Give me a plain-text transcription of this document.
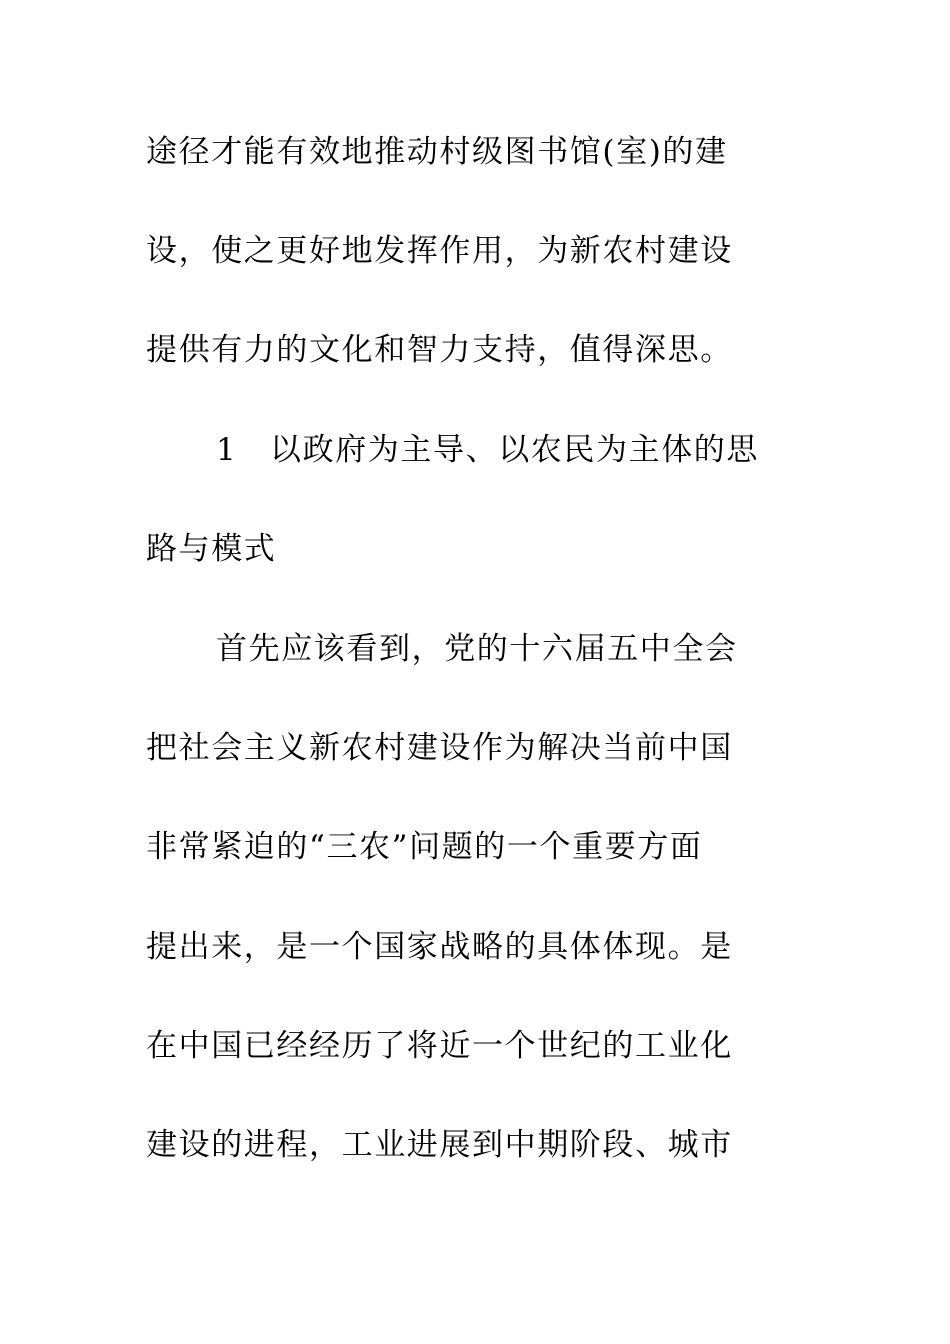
途径才能有效地推动村级图书馆(室)的建
设，使之更好地发挥作用，为新农村建设
提供有力的文化和智力支持，值得深思。
1 以政府为主导、以农民为主体的思
路与模式
首先应该看到，党的十六届五中全会
把社会主义新农村建设作为解决当前中国
非常紧迫的“三农”问题的一个重要方面
提出来，是一个国家战略的具体体现。是
在中国已经经历了将近一个世纪的工业化
建设的进程，工业进展到中期阶段、城市
